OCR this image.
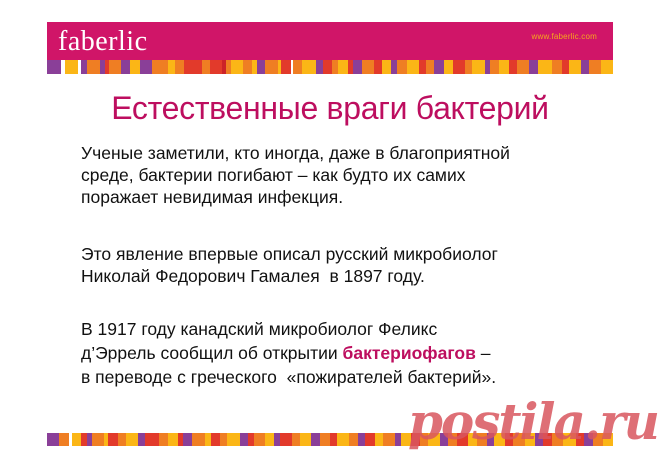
faberlic	www.faberlic.com
Естественные враги бактерий
Ученые заметили, кто иногда, даже в благоприятной
среде, бактерии погибают – как будто их самих
поражает невидимая инфекция.
Это явление впервые описал русский микробиолог
Николай Федорович Гамалея  в 1897 году.
В 1917 году канадский микробиолог Феликс
д’Эррель сообщил об открытии бактериофагов –
в переводе с греческого  «пожирателей бактерий».
postila.ru
